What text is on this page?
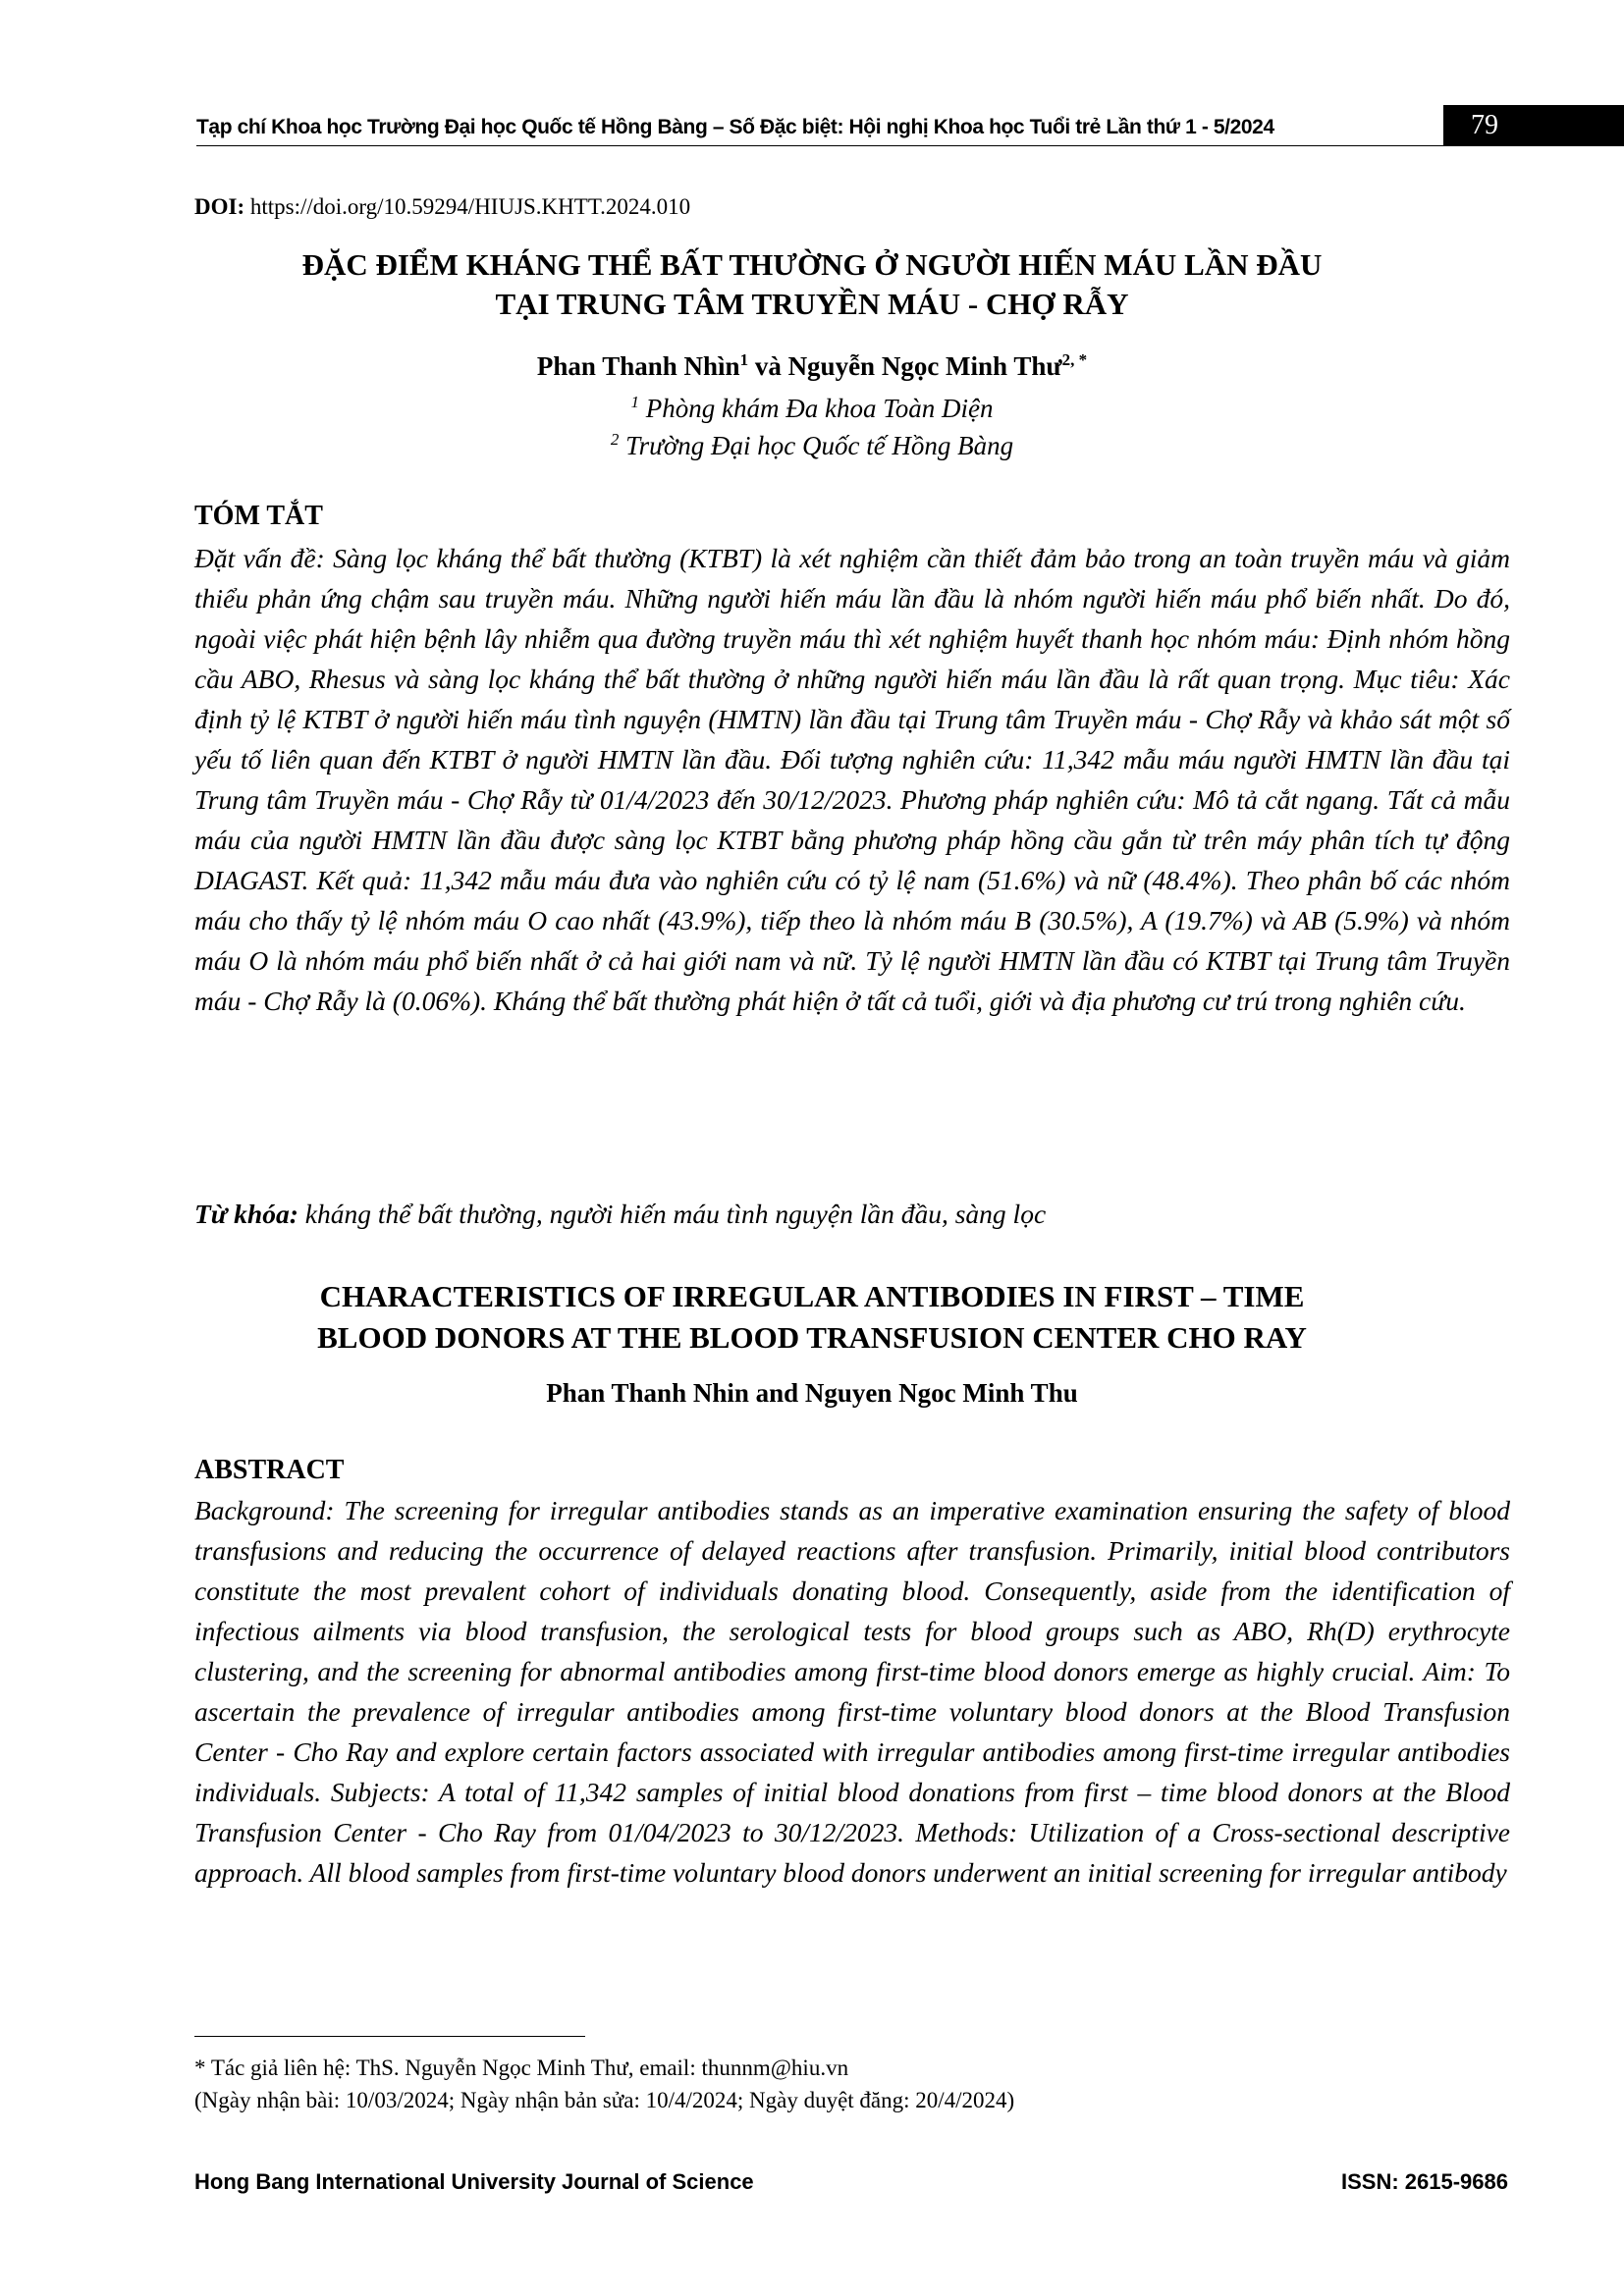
Tạp chí Khoa học Trường Đại học Quốc tế Hồng Bàng – Số Đặc biệt: Hội nghị Khoa học Tuổi trẻ Lần thứ 1 - 5/2024	79
DOI: https://doi.org/10.59294/HIUJS.KHTT.2024.010
ĐẶC ĐIỂM KHÁNG THỂ BẤT THƯỜNG Ở NGƯỜI HIẾN MÁU LẦN ĐẦU
TẠI TRUNG TÂM TRUYỀN MÁU - CHỢ RẪY
Phan Thanh Nhìn$^1$ và Nguyễn Ngọc Minh Thư$^{2, *}$
$^1$ Phòng khám Đa khoa Toàn Diện
$^2$ Trường Đại học Quốc tế Hồng Bàng
TÓM TẮT
Đặt vấn đề: Sàng lọc kháng thể bất thường (KTBT) là xét nghiệm cần thiết đảm bảo trong an toàn truyền máu và giảm thiểu phản ứng chậm sau truyền máu. Những người hiến máu lần đầu là nhóm người hiến máu phổ biến nhất. Do đó, ngoài việc phát hiện bệnh lây nhiễm qua đường truyền máu thì xét nghiệm huyết thanh học nhóm máu: Định nhóm hồng cầu ABO, Rhesus và sàng lọc kháng thể bất thường ở những người hiến máu lần đầu là rất quan trọng. Mục tiêu: Xác định tỷ lệ KTBT ở người hiến máu tình nguyện (HMTN) lần đầu tại Trung tâm Truyền máu - Chợ Rẫy và khảo sát một số yếu tố liên quan đến KTBT ở người HMTN lần đầu. Đối tượng nghiên cứu: 11,342 mẫu máu người HMTN lần đầu tại Trung tâm Truyền máu - Chợ Rẫy từ 01/4/2023 đến 30/12/2023. Phương pháp nghiên cứu: Mô tả cắt ngang. Tất cả mẫu máu của người HMTN lần đầu được sàng lọc KTBT bằng phương pháp hồng cầu gắn từ trên máy phân tích tự động DIAGAST. Kết quả: 11,342 mẫu máu đưa vào nghiên cứu có tỷ lệ nam (51.6%) và nữ (48.4%). Theo phân bố các nhóm máu cho thấy tỷ lệ nhóm máu O cao nhất (43.9%), tiếp theo là nhóm máu B (30.5%), A (19.7%) và AB (5.9%) và nhóm máu O là nhóm máu phổ biến nhất ở cả hai giới nam và nữ. Tỷ lệ người HMTN lần đầu có KTBT tại Trung tâm Truyền máu - Chợ Rẫy là (0.06%). Kháng thể bất thường phát hiện ở tất cả tuổi, giới và địa phương cư trú trong nghiên cứu.
Từ khóa: kháng thể bất thường, người hiến máu tình nguyện lần đầu, sàng lọc
CHARACTERISTICS OF IRREGULAR ANTIBODIES IN FIRST – TIME
BLOOD DONORS AT THE BLOOD TRANSFUSION CENTER CHO RAY
Phan Thanh Nhin and Nguyen Ngoc Minh Thu
ABSTRACT
Background: The screening for irregular antibodies stands as an imperative examination ensuring the safety of blood transfusions and reducing the occurrence of delayed reactions after transfusion. Primarily, initial blood contributors constitute the most prevalent cohort of individuals donating blood. Consequently, aside from the identification of infectious ailments via blood transfusion, the serological tests for blood groups such as ABO, Rh(D) erythrocyte clustering, and the screening for abnormal antibodies among first-time blood donors emerge as highly crucial. Aim: To ascertain the prevalence of irregular antibodies among first-time voluntary blood donors at the Blood Transfusion Center - Cho Ray and explore certain factors associated with irregular antibodies among first-time irregular antibodies individuals. Subjects: A total of 11,342 samples of initial blood donations from first – time blood donors at the Blood Transfusion Center - Cho Ray from 01/04/2023 to 30/12/2023. Methods: Utilization of a Cross-sectional descriptive approach. All blood samples from first-time voluntary blood donors underwent an initial screening for irregular antibody
* Tác giả liên hệ: ThS. Nguyễn Ngọc Minh Thư, email: thunnm@hiu.vn
(Ngày nhận bài: 10/03/2024; Ngày nhận bản sửa: 10/4/2024; Ngày duyệt đăng: 20/4/2024)
Hong Bang International University Journal of Science	ISSN: 2615-9686
